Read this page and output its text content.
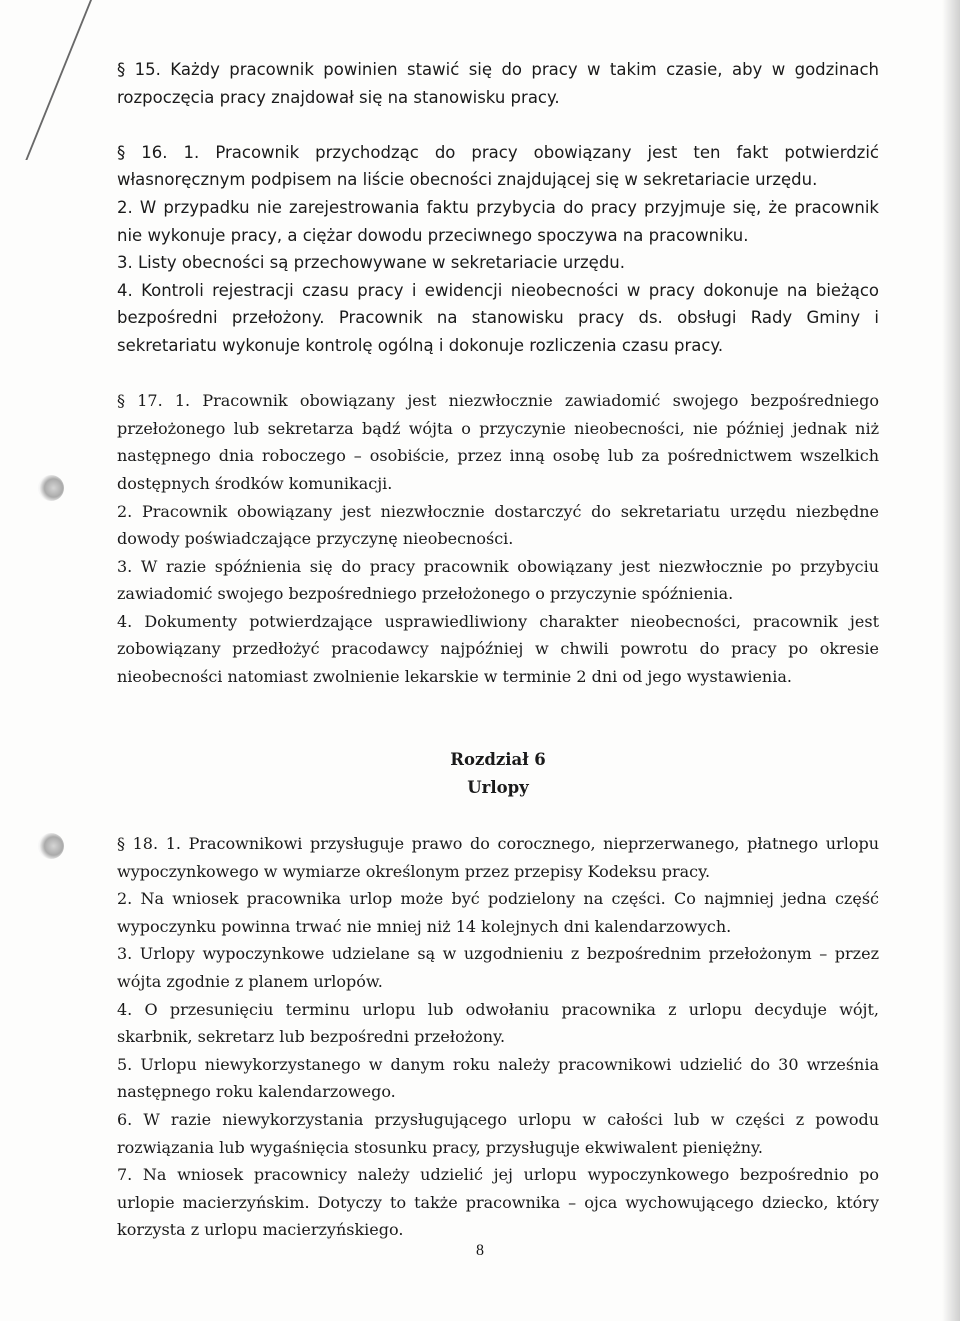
§ 15. Każdy pracownik powinien stawić się do pracy w takim czasie, aby w godzinach rozpoczęcia pracy znajdował się na stanowisku pracy.

§ 16. 1. Pracownik przychodząc do pracy obowiązany jest ten fakt potwierdzić własnoręcznym podpisem na liście obecności znajdującej się w sekretariacie urzędu.

2. W przypadku nie zarejestrowania faktu przybycia do pracy przyjmuje się, że pracownik nie wykonuje pracy, a ciężar dowodu przeciwnego spoczywa na pracowniku.

3. Listy obecności są przechowywane w sekretariacie urzędu.

4. Kontroli rejestracji czasu pracy i ewidencji nieobecności w pracy dokonuje na bieżąco bezpośredni przełożony. Pracownik na stanowisku pracy ds. obsługi Rady Gminy i sekretariatu wykonuje kontrolę ogólną i dokonuje rozliczenia czasu pracy.

§ 17. 1. Pracownik obowiązany jest niezwłocznie zawiadomić swojego bezpośredniego przełożonego lub sekretarza bądź wójta o przyczynie nieobecności, nie później jednak niż następnego dnia roboczego – osobiście, przez inną osobę lub za pośrednictwem wszelkich dostępnych środków komunikacji.

2. Pracownik obowiązany jest niezwłocznie dostarczyć do sekretariatu urzędu niezbędne dowody poświadczające przyczynę nieobecności.

3. W razie spóźnienia się do pracy pracownik obowiązany jest niezwłocznie po przybyciu zawiadomić swojego bezpośredniego przełożonego o przyczynie spóźnienia.

4. Dokumenty potwierdzające usprawiedliwiony charakter nieobecności, pracownik jest zobowiązany przedłożyć pracodawcy najpóźniej w chwili powrotu do pracy po okresie nieobecności natomiast zwolnienie lekarskie w terminie 2 dni od jego wystawienia.

Rozdział 6
Urlopy

§ 18. 1. Pracownikowi przysługuje prawo do corocznego, nieprzerwanego, płatnego urlopu wypoczynkowego w wymiarze określonym przez przepisy Kodeksu pracy.

2. Na wniosek pracownika urlop może być podzielony na części. Co najmniej jedna część wypoczynku powinna trwać nie mniej niż 14 kolejnych dni kalendarzowych.

3. Urlopy wypoczynkowe udzielane są w uzgodnieniu z bezpośrednim przełożonym – przez wójta zgodnie z planem urlopów.

4. O przesunięciu terminu urlopu lub odwołaniu pracownika z urlopu decyduje wójt, skarbnik, sekretarz lub bezpośredni przełożony.

5. Urlopu niewykorzystanego w danym roku należy pracownikowi udzielić do 30 września następnego roku kalendarzowego.

6. W razie niewykorzystania przysługującego urlopu w całości lub w części z powodu rozwiązania lub wygaśnięcia stosunku pracy, przysługuje ekwiwalent pieniężny.

7. Na wniosek pracownicy należy udzielić jej urlopu wypoczynkowego bezpośrednio po urlopie macierzyńskim. Dotyczy to także pracownika – ojca wychowującego dziecko, który korzysta z urlopu macierzyńskiego.

8
